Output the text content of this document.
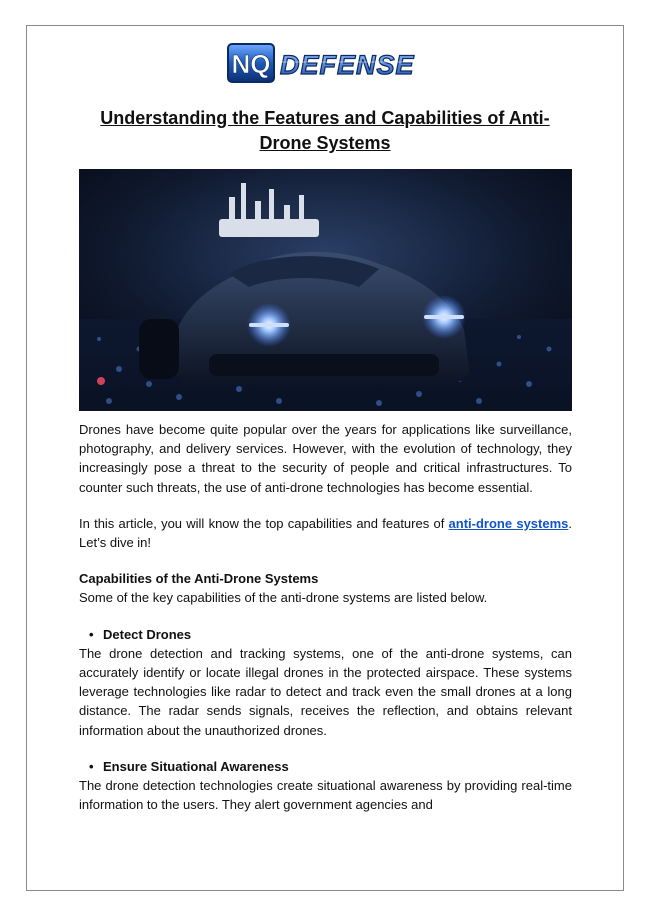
NQ DEFENSE
Understanding the Features and Capabilities of Anti-Drone Systems

Drones have become quite popular over the years for applications like surveillance, photography, and delivery services. However, with the evolution of technology, they increasingly pose a threat to the security of people and critical infrastructures. To counter such threats, the use of anti-drone technologies has become essential.

In this article, you will know the top capabilities and features of anti-drone systems. Let’s dive in!

Capabilities of the Anti-Drone Systems

Some of the key capabilities of the anti-drone systems are listed below.

• Detect Drones

The drone detection and tracking systems, one of the anti-drone systems, can accurately identify or locate illegal drones in the protected airspace. These systems leverage technologies like radar to detect and track even the small drones at a long distance. The radar sends signals, receives the reflection, and obtains relevant information about the unauthorized drones.

• Ensure Situational Awareness

The drone detection technologies create situational awareness by providing real-time information to the users. They alert government agencies and
